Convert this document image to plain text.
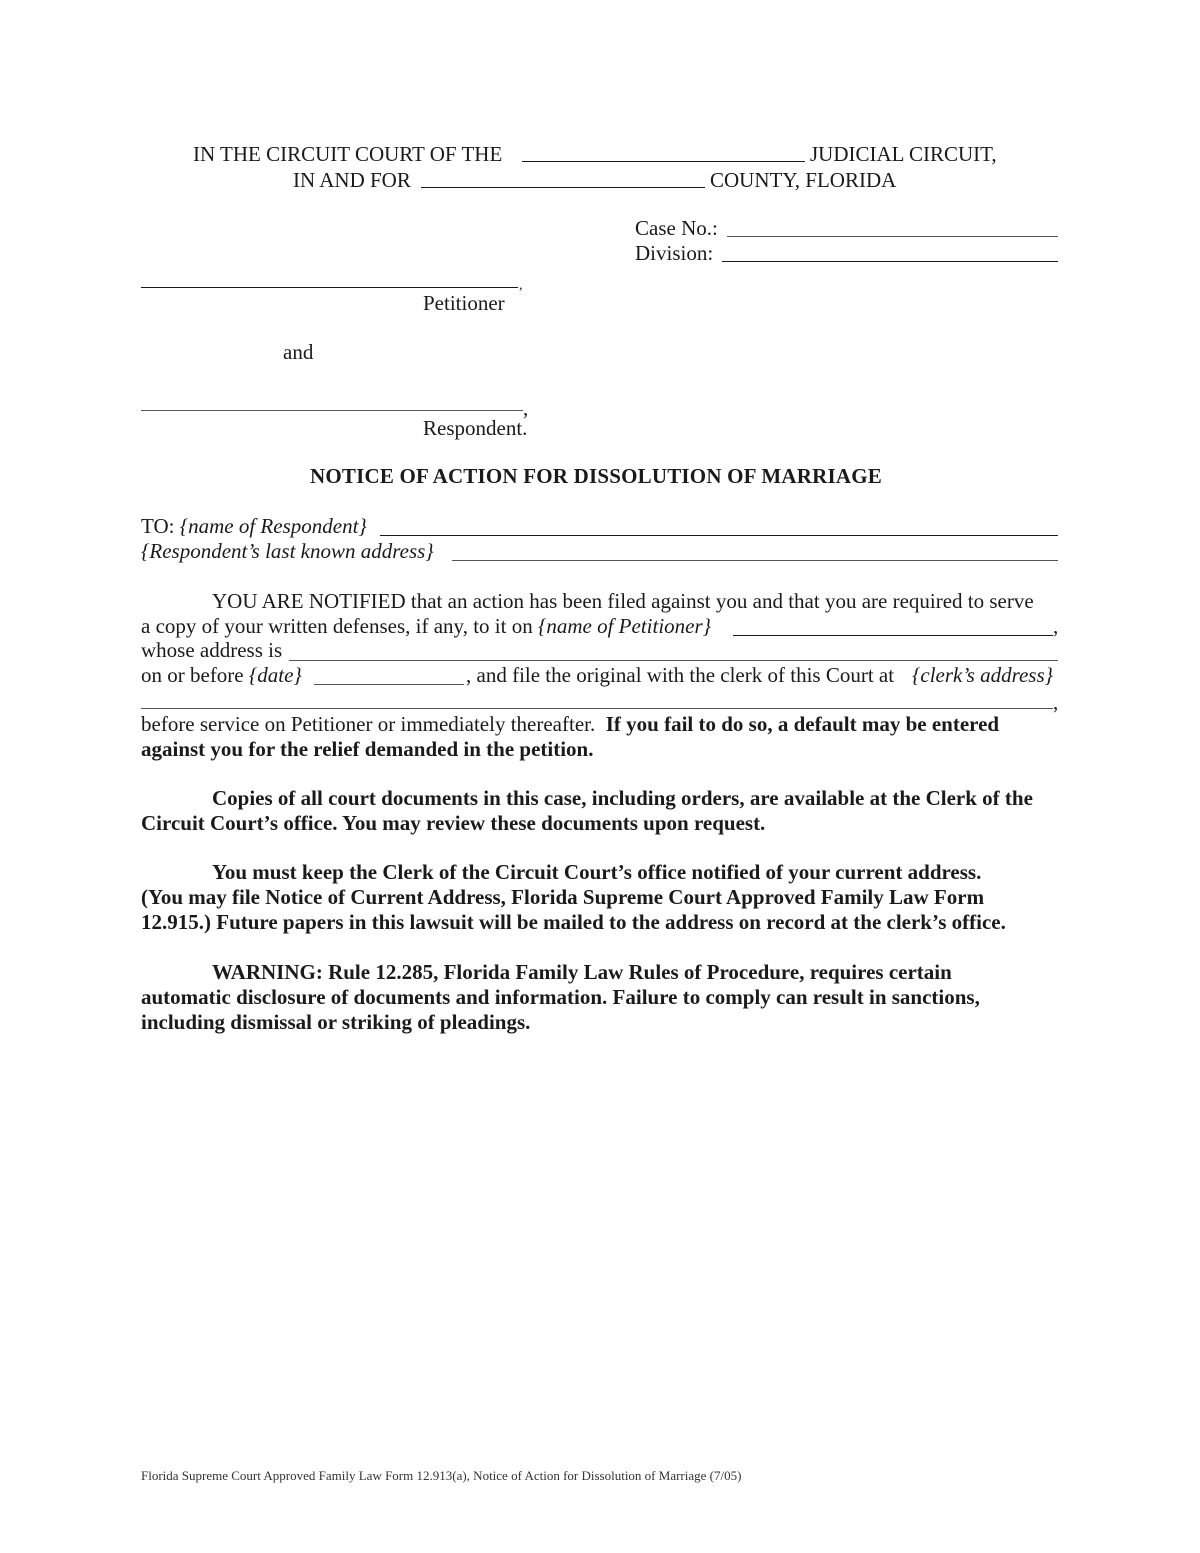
IN THE CIRCUIT COURT OF THE	JUDICIAL CIRCUIT,
IN AND FOR	COUNTY, FLORIDA
Case No.:
Division:
,
Petitioner
and
,
Respondent.
NOTICE OF ACTION FOR DISSOLUTION OF MARRIAGE
TO: {name of Respondent}
{Respondent’s last known address}
YOU ARE NOTIFIED that an action has been filed against you and that you are required to serve
a copy of your written defenses, if any, to it on {name of Petitioner}	,
whose address is
on or before {date}	, and file the original with the clerk of this Court at {clerk’s address}
,
before service on Petitioner or immediately thereafter. If you fail to do so, a default may be entered
against you for the relief demanded in the petition.
Copies of all court documents in this case, including orders, are available at the Clerk of the
Circuit Court’s office. You may review these documents upon request.
You must keep the Clerk of the Circuit Court’s office notified of your current address.
(You may file Notice of Current Address, Florida Supreme Court Approved Family Law Form
12.915.) Future papers in this lawsuit will be mailed to the address on record at the clerk’s office.
WARNING: Rule 12.285, Florida Family Law Rules of Procedure, requires certain
automatic disclosure of documents and information. Failure to comply can result in sanctions,
including dismissal or striking of pleadings.
Florida Supreme Court Approved Family Law Form 12.913(a), Notice of Action for Dissolution of Marriage (7/05)
